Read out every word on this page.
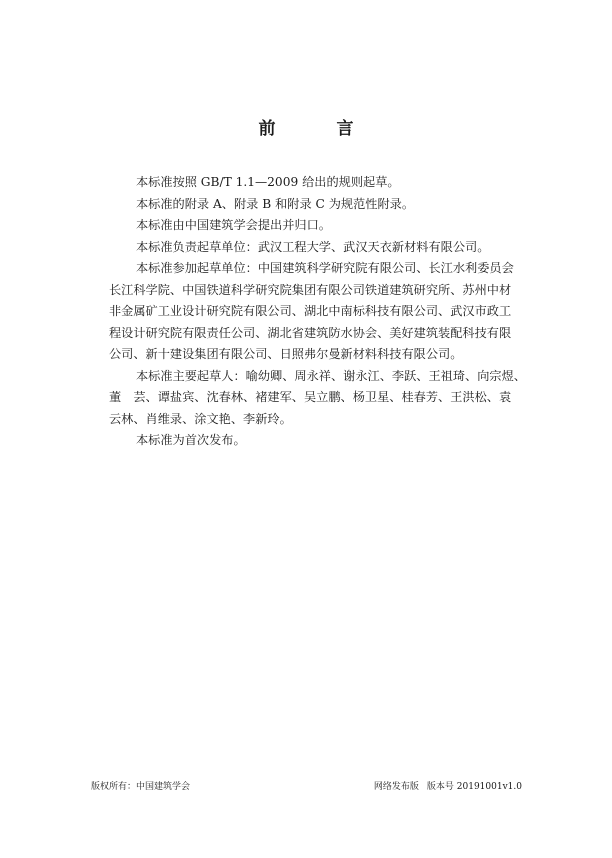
前　言

本标准按照 GB/T 1.1—2009 给出的规则起草。

本标准的附录 A、附录 B 和附录 C 为规范性附录。

本标准由中国建筑学会提出并归口。

本标准负责起草单位：武汉工程大学、武汉天衣新材料有限公司。

本标准参加起草单位：中国建筑科学研究院有限公司、长江水利委员会
长江科学院、中国铁道科学研究院集团有限公司铁道建筑研究所、苏州中材
非金属矿工业设计研究院有限公司、湖北中南标科技有限公司、武汉市政工
程设计研究院有限责任公司、湖北省建筑防水协会、美好建筑装配科技有限
公司、新十建设集团有限公司、日照弗尔曼新材料科技有限公司。

本标准主要起草人：喻幼卿、周永祥、谢永江、李跃、王祖琦、向宗煜、
董　芸、谭盐宾、沈春林、褚建军、吴立鹏、杨卫星、桂春芳、王洪松、袁
云林、肖维录、涂文艳、李新玲。

本标准为首次发布。

版权所有：中国建筑学会	网络发布版 版本号 20191001v1.0
